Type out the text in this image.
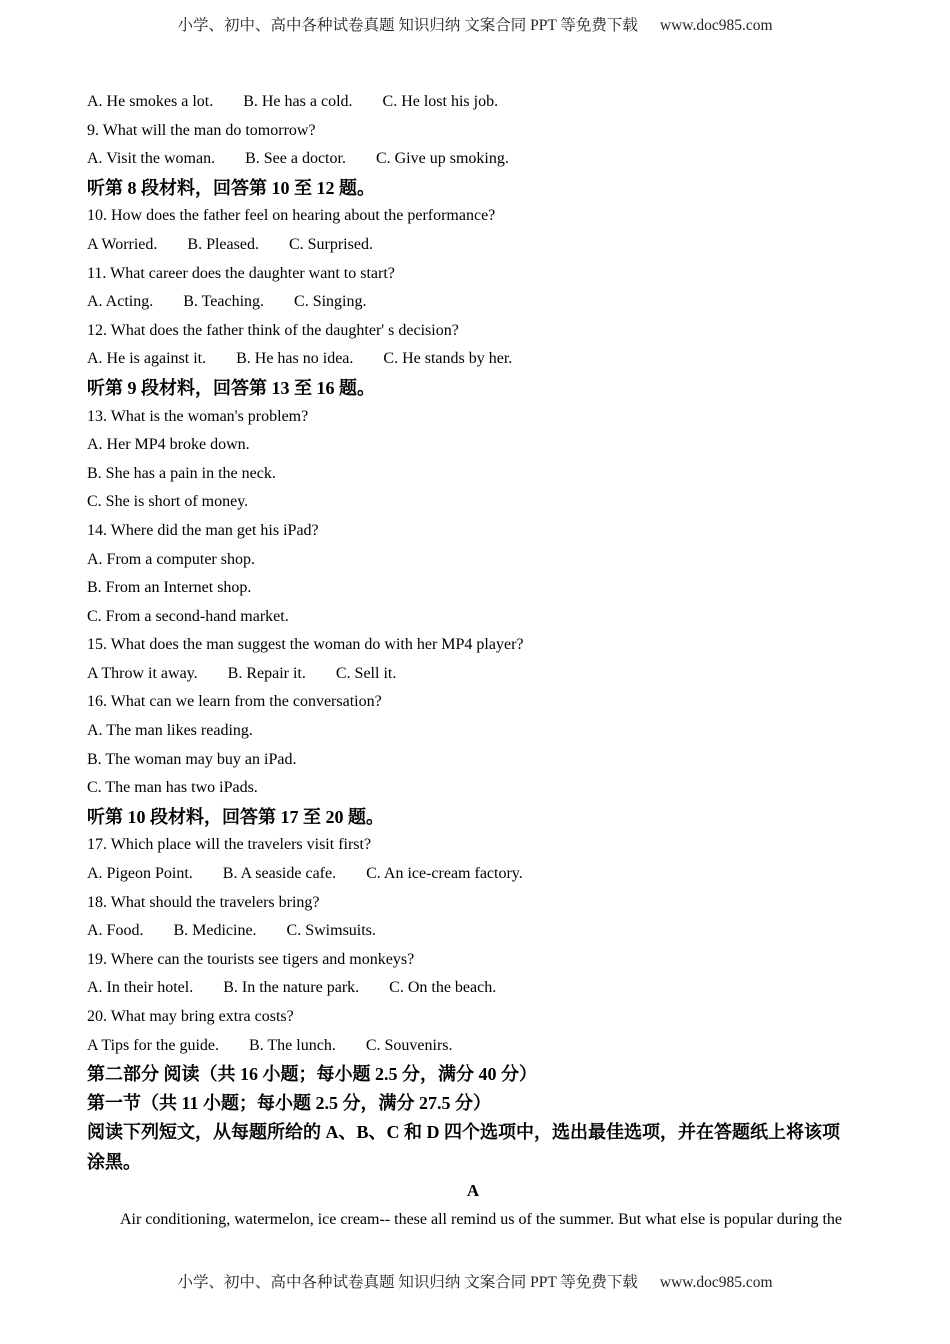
小学、初中、高中各种试卷真题 知识归纳 文案合同 PPT 等免费下载 www.doc985.com
A. He smokes a lot. B. He has a cold. C. He lost his job.
9. What will the man do tomorrow?
A. Visit the woman. B. See a doctor. C. Give up smoking.
听第 8 段材料，回答第 10 至 12 题。
10. How does the father feel on hearing about the performance?
A Worried. B. Pleased. C. Surprised.
11. What career does the daughter want to start?
A. Acting. B. Teaching. C. Singing.
12. What does the father think of the daughter' s decision?
A. He is against it. B. He has no idea. C. He stands by her.
听第 9 段材料，回答第 13 至 16 题。
13. What is the woman's problem?
A. Her MP4 broke down.
B. She has a pain in the neck.
C. She is short of money.
14. Where did the man get his iPad?
A. From a computer shop.
B. From an Internet shop.
C. From a second-hand market.
15. What does the man suggest the woman do with her MP4 player?
A Throw it away. B. Repair it. C. Sell it.
16. What can we learn from the conversation?
A. The man likes reading.
B. The woman may buy an iPad.
C. The man has two iPads.
听第 10 段材料，回答第 17 至 20 题。
17. Which place will the travelers visit first?
A. Pigeon Point. B. A seaside cafe. C. An ice-cream factory.
18. What should the travelers bring?
A. Food. B. Medicine. C. Swimsuits.
19. Where can the tourists see tigers and monkeys?
A. In their hotel. B. In the nature park. C. On the beach.
20. What may bring extra costs?
A Tips for the guide. B. The lunch. C. Souvenirs.
第二部分 阅读（共 16 小题；每小题 2.5 分，满分 40 分）
第一节（共 11 小题；每小题 2.5 分，满分 27.5 分）
阅读下列短文，从每题所给的 A、B、C 和 D 四个选项中，选出最佳选项，并在答题纸上将该项涂黑。
A
Air conditioning, watermelon, ice cream-- these all remind us of the summer. But what else is popular during the
小学、初中、高中各种试卷真题 知识归纳 文案合同 PPT 等免费下载 www.doc985.com
